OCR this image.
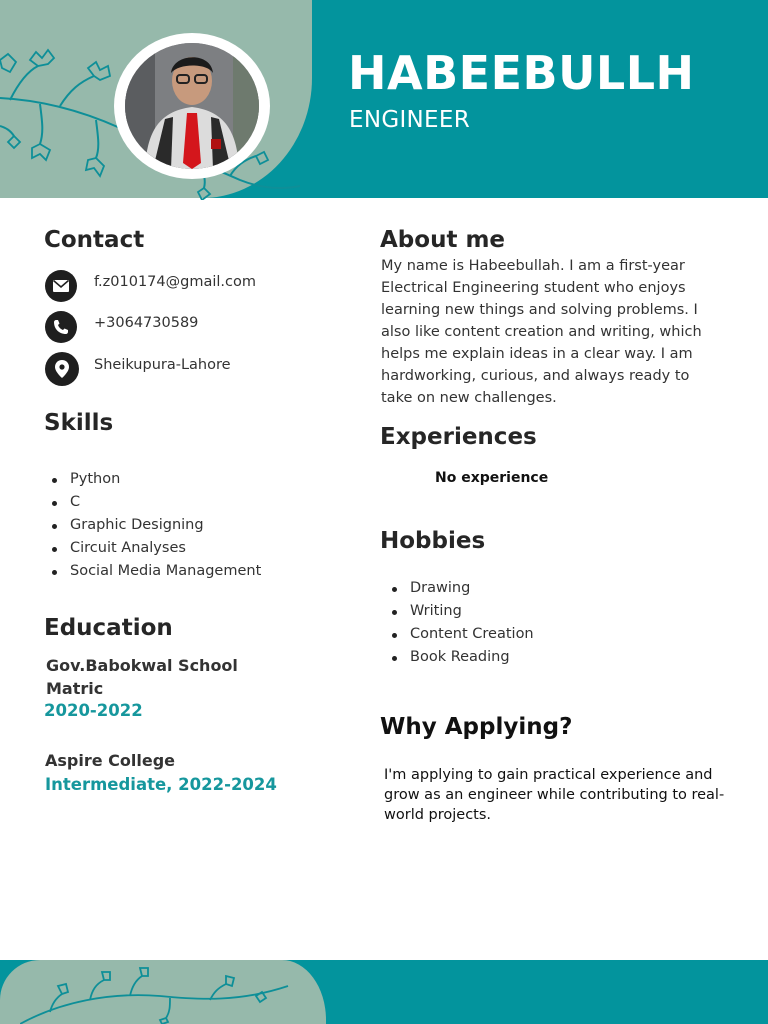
HABEEBULLH
ENGINEER
Contact
f.z010174@gmail.com
+3064730589
Sheikupura-Lahore
Skills
Python
C
Graphic Designing
Circuit Analyses
Social Media Management
Education
Gov.Babokwal School
Matric
2020-2022
Aspire College
Intermediate, 2022-2024
About me
My name is Habeebullah. I am a first-year
Electrical Engineering student who enjoys
learning new things and solving problems. I
also like content creation and writing, which
helps me explain ideas in a clear way. I am
hardworking, curious, and always ready to
take on new challenges.
Experiences
No experience
Hobbies
Drawing
Writing
Content Creation
Book Reading
Why Applying?
I'm applying to gain practical experience and
grow as an engineer while contributing to real-
world projects.
